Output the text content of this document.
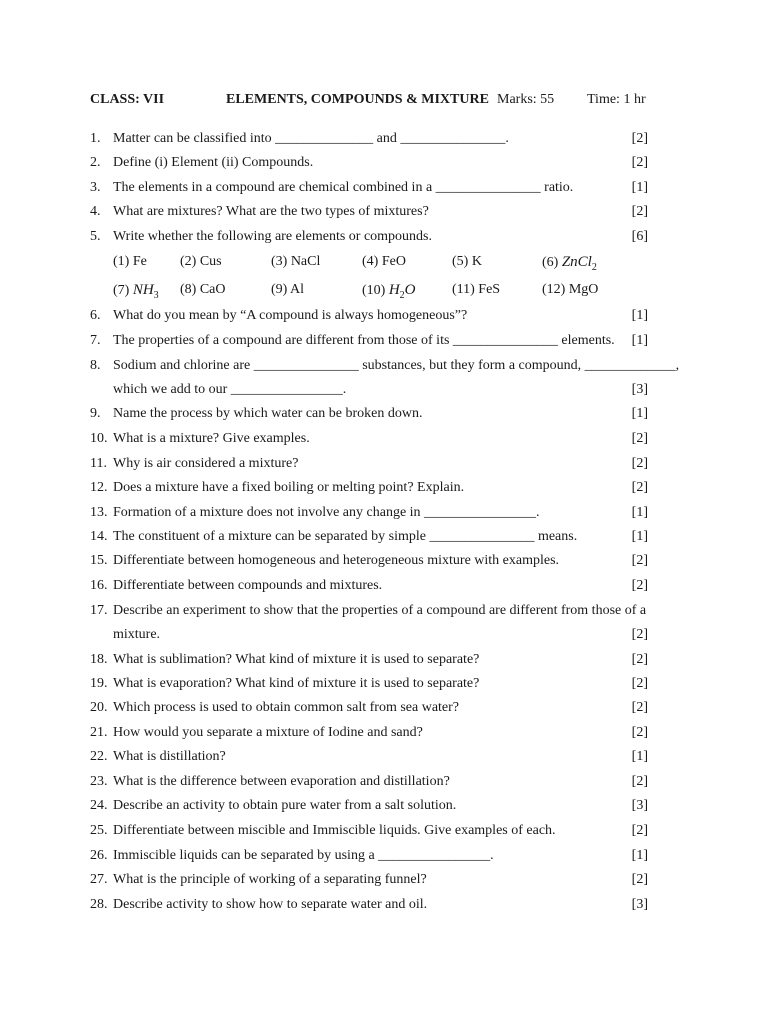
CLASS: VII	ELEMENTS, COMPOUNDS & MIXTURE Marks: 55 Time: 1 hr
1. Matter can be classified into ______________ and _______________.	[2]
2. Define (i) Element (ii) Compounds.	[2]
3. The elements in a compound are chemical combined in a _______________ ratio.	[1]
4. What are mixtures? What are the two types of mixtures?	[2]
5. Write whether the following are elements or compounds.	[6]
6. What do you mean by “A compound is always homogeneous”?	[1]
7. The properties of a compound are different from those of its _______________ elements. [1]
8. Sodium and chlorine are _______________ substances, but they form a compound, _____________,
which we add to our ________________.	[3]
9. Name the process by which water can be broken down.	[1]
10. What is a mixture? Give examples.	[2]
11. Why is air considered a mixture?	[2]
12. Does a mixture have a fixed boiling or melting point? Explain.	[2]
13. Formation of a mixture does not involve any change in ________________.	[1]
14. The constituent of a mixture can be separated by simple _______________ means.	[1]
15. Differentiate between homogeneous and heterogeneous mixture with examples.	[2]
16. Differentiate between compounds and mixtures.	[2]
17. Describe an experiment to show that the properties of a compound are different from those of a
mixture.	[2]
18. What is sublimation? What kind of mixture it is used to separate?	[2]
19. What is evaporation? What kind of mixture it is used to separate?	[2]
20. Which process is used to obtain common salt from sea water?	[2]
21. How would you separate a mixture of Iodine and sand?	[2]
22. What is distillation?	[1]
23. What is the difference between evaporation and distillation?	[2]
24. Describe an activity to obtain pure water from a salt solution.	[3]
25. Differentiate between miscible and Immiscible liquids. Give examples of each.	[2]
26. Immiscible liquids can be separated by using a ________________.	[1]
27. What is the principle of working of a separating funnel?	[2]
28. Describe activity to show how to separate water and oil.	[3]
(1) Fe (2) Cus	(3) NaCl	(4) FeO	(5) K	(6) ZnCl$_2$
(7) $NH_3$ (8) CaO	(9) Al	(10) $H_2O$	(11) FeS	(12) MgO
